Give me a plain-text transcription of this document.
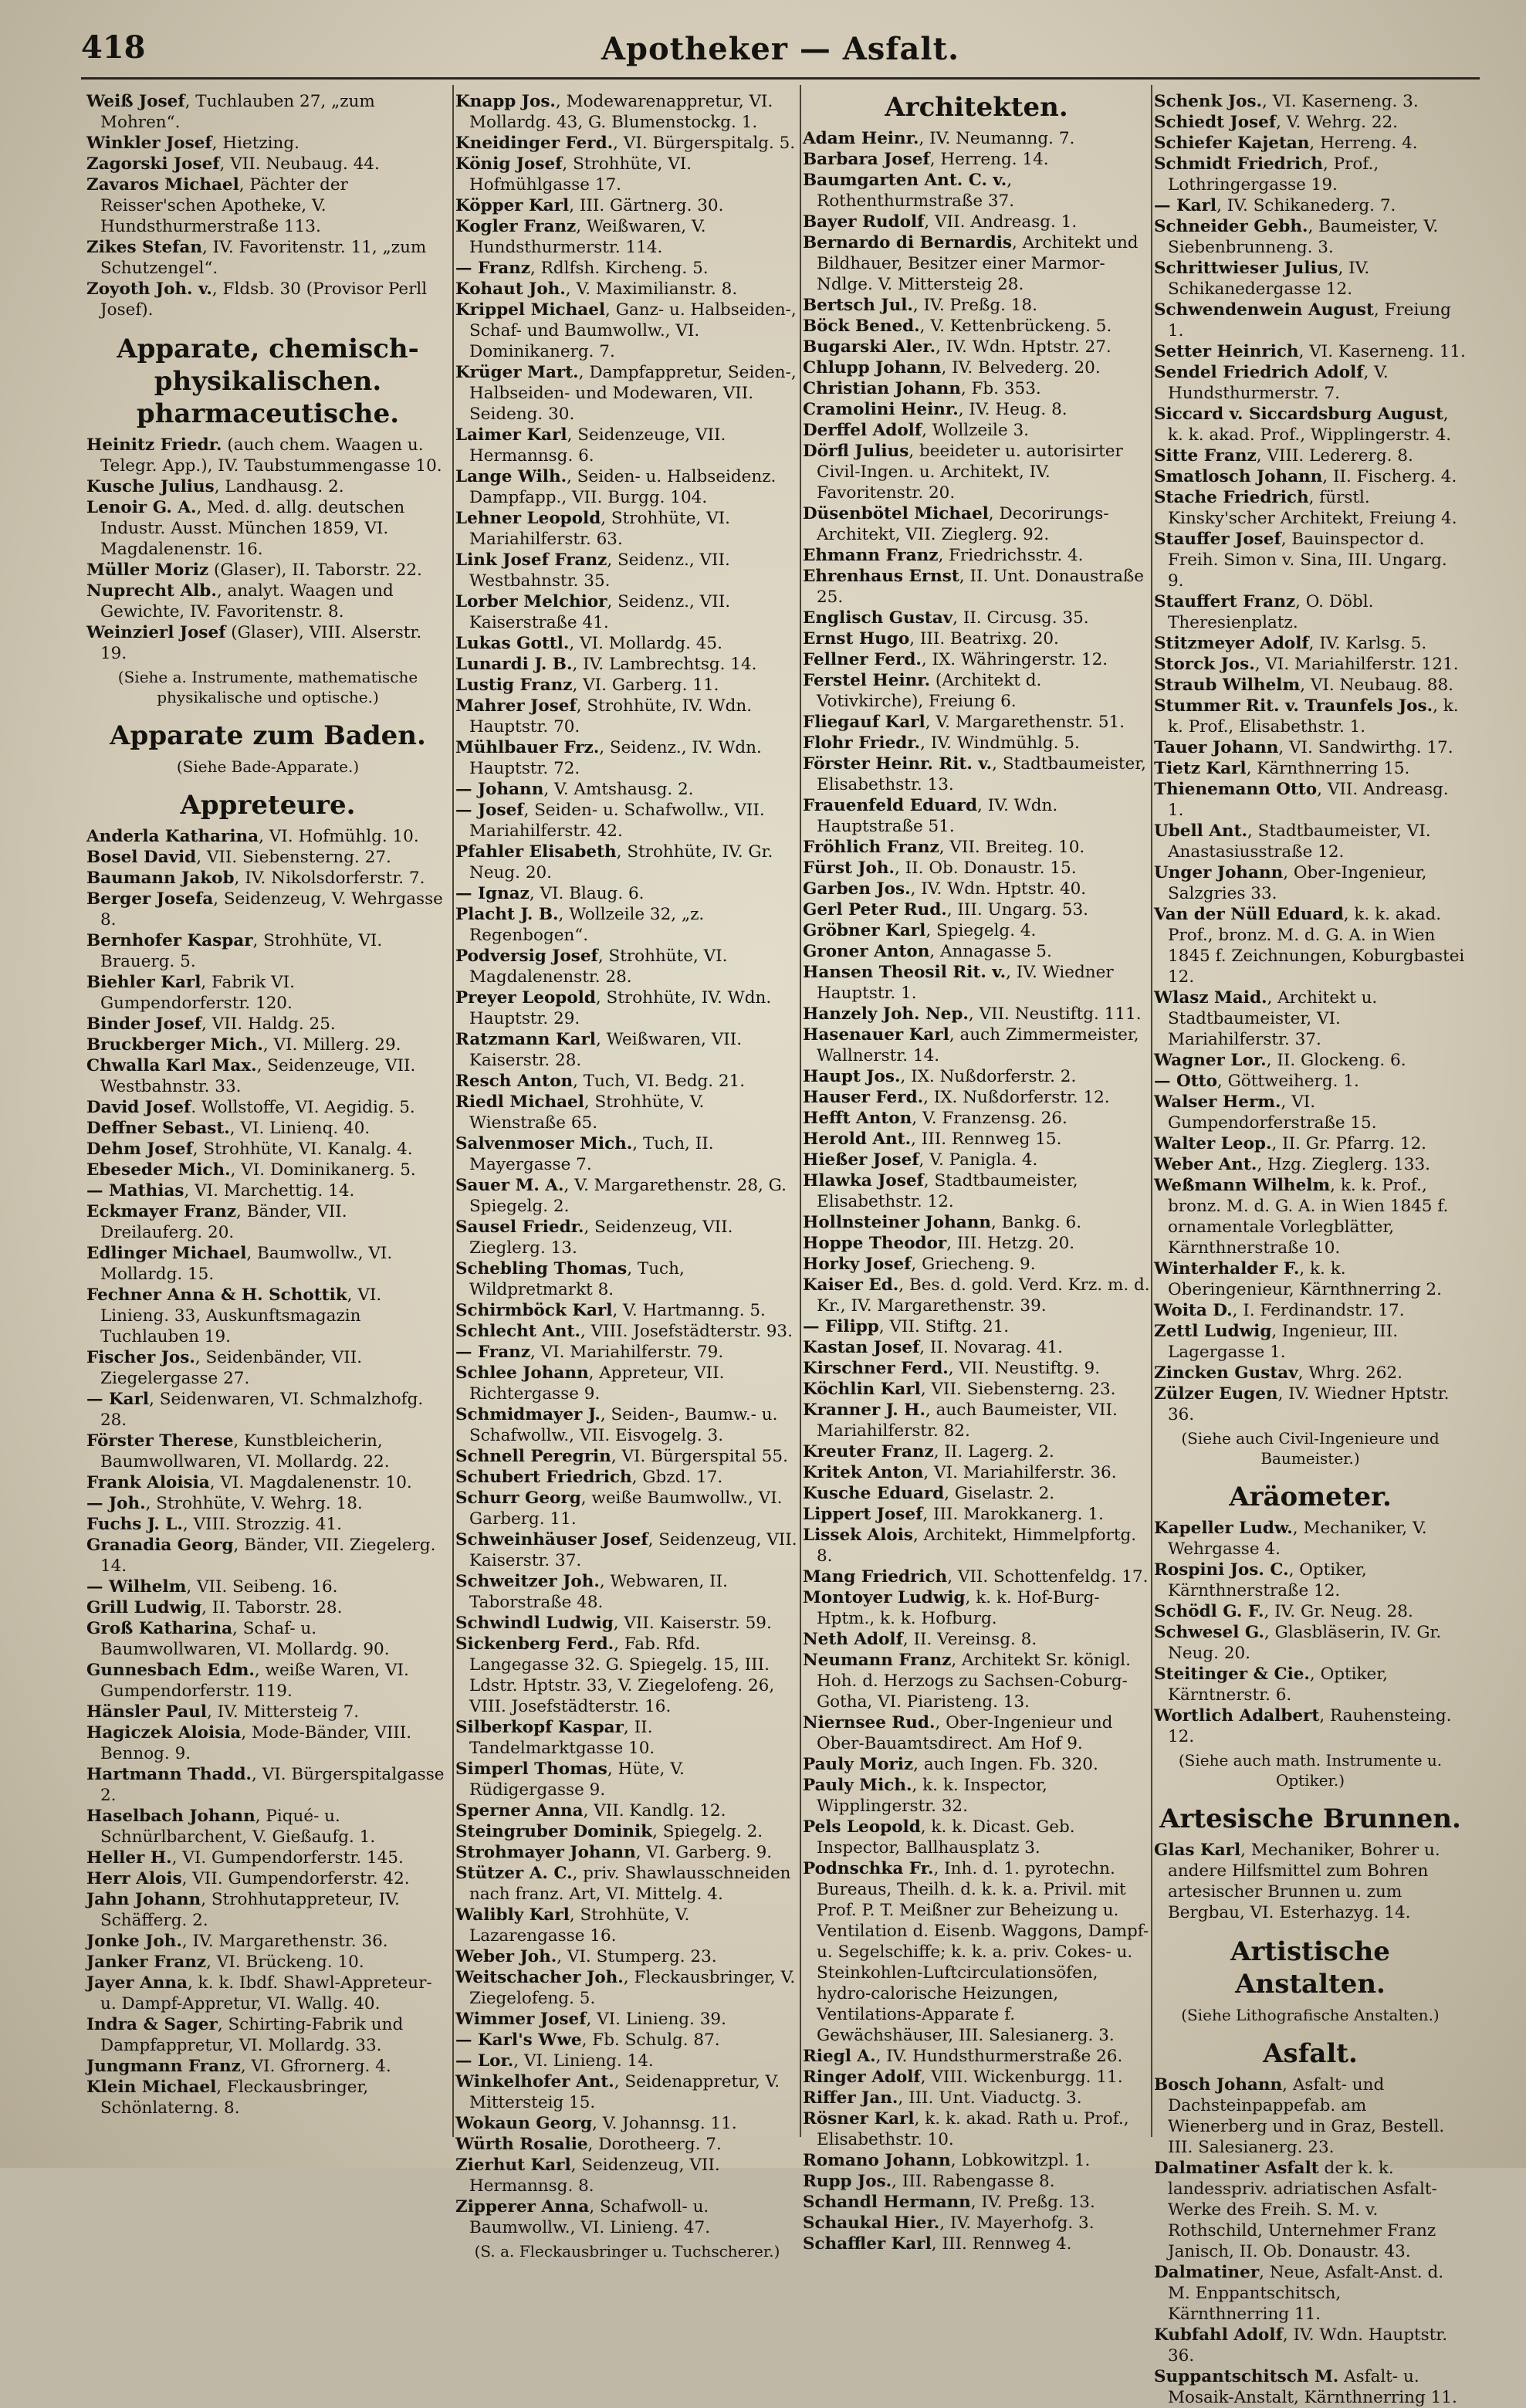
418	Apotheker — Asfalt.

Weiß Josef, Tuchlauben 27, „zum Mohren“.

Winkler Josef, Hietzing.

Zagorski Josef, VII. Neubaug. 44.

Zavaros Michael, Pächter der Reisser'schen Apotheke, V. Hundsthurmerstraße 113.

Zikes Stefan, IV. Favoritenstr. 11, „zum Schutzengel“.

Zoyoth Joh. v., Fldsb. 30 (Provisor Perll Josef).

Apparate, chemisch-physikalischen. pharmaceutische.

Heinitz Friedr. (auch chem. Waagen u. Telegr. App.), IV. Taubstummengasse 10.

Kusche Julius, Landhausg. 2.

Lenoir G. A., Med. d. allg. deutschen Industr. Ausst. München 1859, VI. Magdalenenstr. 16.

Müller Moriz (Glaser), II. Taborstr. 22.

Nuprecht Alb., analyt. Waagen und Gewichte, IV. Favoritenstr. 8.

Weinzierl Josef (Glaser), VIII. Alserstr. 19.

(Siehe a. Instrumente, mathematische physikalische und optische.)
Apparate zum Baden.
(Siehe Bade-Apparate.)
Appreteure.

Anderla Katharina, VI. Hofmühlg. 10.

Bosel David, VII. Siebensterng. 27.

Baumann Jakob, IV. Nikolsdorferstr. 7.

Berger Josefa, Seidenzeug, V. Wehrgasse 8.

Bernhofer Kaspar, Strohhüte, VI. Brauerg. 5.

Biehler Karl, Fabrik VI. Gumpendorferstr. 120.

Binder Josef, VII. Haldg. 25.

Bruckberger Mich., VI. Millerg. 29.

Chwalla Karl Max., Seidenzeuge, VII. Westbahnstr. 33.

David Josef. Wollstoffe, VI. Aegidig. 5.

Deffner Sebast., VI. Linienq. 40.

Dehm Josef, Strohhüte, VI. Kanalg. 4.

Ebeseder Mich., VI. Dominikanerg. 5.

— Mathias, VI. Marchettig. 14.

Eckmayer Franz, Bänder, VII. Dreilauferg. 20.

Edlinger Michael, Baumwollw., VI. Mollardg. 15.

Fechner Anna & H. Schottik, VI. Linieng. 33, Auskunftsmagazin Tuchlauben 19.

Fischer Jos., Seidenbänder, VII. Ziegelergasse 27.

— Karl, Seidenwaren, VI. Schmalzhofg. 28.

Förster Therese, Kunstbleicherin, Baumwollwaren, VI. Mollardg. 22.

Frank Aloisia, VI. Magdalenenstr. 10.

— Joh., Strohhüte, V. Wehrg. 18.

Fuchs J. L., VIII. Strozzig. 41.

Granadia Georg, Bänder, VII. Ziegelerg. 14.

— Wilhelm, VII. Seibeng. 16.

Grill Ludwig, II. Taborstr. 28.

Groß Katharina, Schaf- u. Baumwollwaren, VI. Mollardg. 90.

Gunnesbach Edm., weiße Waren, VI. Gumpendorferstr. 119.

Hänsler Paul, IV. Mittersteig 7.

Hagiczek Aloisia, Mode-Bänder, VIII. Bennog. 9.

Hartmann Thadd., VI. Bürgerspitalgasse 2.

Haselbach Johann, Piqué- u. Schnürlbarchent, V. Gießaufg. 1.

Heller H., VI. Gumpendorferstr. 145.

Herr Alois, VII. Gumpendorferstr. 42.

Jahn Johann, Strohhutappreteur, IV. Schäfferg. 2.

Jonke Joh., IV. Margarethenstr. 36.

Janker Franz, VI. Brückeng. 10.

Jayer Anna, k. k. Ibdf. Shawl-Appreteur- u. Dampf-Appretur, VI. Wallg. 40.

Indra & Sager, Schirting-Fabrik und Dampfappretur, VI. Mollardg. 33.

Jungmann Franz, VI. Gfrornerg. 4.

Klein Michael, Fleckausbringer, Schönlaterng. 8.

Knapp Jos., Modewarenappretur, VI. Mollardg. 43, G. Blumenstockg. 1.

Kneidinger Ferd., VI. Bürgerspitalg. 5.

König Josef, Strohhüte, VI. Hofmühlgasse 17.

Köpper Karl, III. Gärtnerg. 30.

Kogler Franz, Weißwaren, V. Hundsthurmerstr. 114.

— Franz, Rdlfsh. Kircheng. 5.

Kohaut Joh., V. Maximilianstr. 8.

Krippel Michael, Ganz- u. Halbseiden-, Schaf- und Baumwollw., VI. Dominikanerg. 7.

Krüger Mart., Dampfappretur, Seiden-, Halbseiden- und Modewaren, VII. Seideng. 30.

Laimer Karl, Seidenzeuge, VII. Hermannsg. 6.

Lange Wilh., Seiden- u. Halbseidenz. Dampfapp., VII. Burgg. 104.

Lehner Leopold, Strohhüte, VI. Mariahilferstr. 63.

Link Josef Franz, Seidenz., VII. Westbahnstr. 35.

Lorber Melchior, Seidenz., VII. Kaiserstraße 41.

Lukas Gottl., VI. Mollardg. 45.

Lunardi J. B., IV. Lambrechtsg. 14.

Lustig Franz, VI. Garberg. 11.

Mahrer Josef, Strohhüte, IV. Wdn. Hauptstr. 70.

Mühlbauer Frz., Seidenz., IV. Wdn. Hauptstr. 72.

— Johann, V. Amtshausg. 2.

— Josef, Seiden- u. Schafwollw., VII. Mariahilferstr. 42.

Pfahler Elisabeth, Strohhüte, IV. Gr. Neug. 20.

— Ignaz, VI. Blaug. 6.

Placht J. B., Wollzeile 32, „z. Regenbogen“.

Podversig Josef, Strohhüte, VI. Magdalenenstr. 28.

Preyer Leopold, Strohhüte, IV. Wdn. Hauptstr. 29.

Ratzmann Karl, Weißwaren, VII. Kaiserstr. 28.

Resch Anton, Tuch, VI. Bedg. 21.

Riedl Michael, Strohhüte, V. Wienstraße 65.

Salvenmoser Mich., Tuch, II. Mayergasse 7.

Sauer M. A., V. Margarethenstr. 28, G. Spiegelg. 2.

Sausel Friedr., Seidenzeug, VII. Zieglerg. 13.

Schebling Thomas, Tuch, Wildpretmarkt 8.

Schirmböck Karl, V. Hartmanng. 5.

Schlecht Ant., VIII. Josefstädterstr. 93.

— Franz, VI. Mariahilferstr. 79.

Schlee Johann, Appreteur, VII. Richtergasse 9.

Schmidmayer J., Seiden-, Baumw.- u. Schafwollw., VII. Eisvogelg. 3.

Schnell Peregrin, VI. Bürgerspital 55.

Schubert Friedrich, Gbzd. 17.

Schurr Georg, weiße Baumwollw., VI. Garberg. 11.

Schweinhäuser Josef, Seidenzeug, VII. Kaiserstr. 37.

Schweitzer Joh., Webwaren, II. Taborstraße 48.

Schwindl Ludwig, VII. Kaiserstr. 59.

Sickenberg Ferd., Fab. Rfd. Langegasse 32. G. Spiegelg. 15, III. Ldstr. Hptstr. 33, V. Ziegelofeng. 26, VIII. Josefstädterstr. 16.

Silberkopf Kaspar, II. Tandelmarktgasse 10.

Simperl Thomas, Hüte, V. Rüdigergasse 9.

Sperner Anna, VII. Kandlg. 12.

Steingruber Dominik, Spiegelg. 2.

Strohmayer Johann, VI. Garberg. 9.

Stützer A. C., priv. Shawlausschneiden nach franz. Art, VI. Mittelg. 4.

Walibly Karl, Strohhüte, V. Lazarengasse 16.

Weber Joh., VI. Stumperg. 23.

Weitschacher Joh., Fleckausbringer, V. Ziegelofeng. 5.

Wimmer Josef, VI. Linieng. 39.

— Karl's Wwe, Fb. Schulg. 87.

— Lor., VI. Linieng. 14.

Winkelhofer Ant., Seidenappretur, V. Mittersteig 15.

Wokaun Georg, V. Johannsg. 11.

Würth Rosalie, Dorotheerg. 7.

Zierhut Karl, Seidenzeug, VII. Hermannsg. 8.

Zipperer Anna, Schafwoll- u. Baumwollw., VI. Linieng. 47.

(S. a. Fleckausbringer u. Tuchscherer.)
Architekten.

Adam Heinr., IV. Neumanng. 7.

Barbara Josef, Herreng. 14.

Baumgarten Ant. C. v., Rothenthurmstraße 37.

Bayer Rudolf, VII. Andreasg. 1.

Bernardo di Bernardis, Architekt und Bildhauer, Besitzer einer Marmor-Ndlge. V. Mittersteig 28.

Bertsch Jul., IV. Preßg. 18.

Böck Bened., V. Kettenbrückeng. 5.

Bugarski Aler., IV. Wdn. Hptstr. 27.

Chlupp Johann, IV. Belvederg. 20.

Christian Johann, Fb. 353.

Cramolini Heinr., IV. Heug. 8.

Derffel Adolf, Wollzeile 3.

Dörfl Julius, beeideter u. autorisirter Civil-Ingen. u. Architekt, IV. Favoritenstr. 20.

Düsenbötel Michael, Decorirungs-Architekt, VII. Zieglerg. 92.

Ehmann Franz, Friedrichsstr. 4.

Ehrenhaus Ernst, II. Unt. Donaustraße 25.

Englisch Gustav, II. Circusg. 35.

Ernst Hugo, III. Beatrixg. 20.

Fellner Ferd., IX. Währingerstr. 12.

Ferstel Heinr. (Architekt d. Votivkirche), Freiung 6.

Fliegauf Karl, V. Margarethenstr. 51.

Flohr Friedr., IV. Windmühlg. 5.

Förster Heinr. Rit. v., Stadtbaumeister, Elisabethstr. 13.

Frauenfeld Eduard, IV. Wdn. Hauptstraße 51.

Fröhlich Franz, VII. Breiteg. 10.

Fürst Joh., II. Ob. Donaustr. 15.

Garben Jos., IV. Wdn. Hptstr. 40.

Gerl Peter Rud., III. Ungarg. 53.

Gröbner Karl, Spiegelg. 4.

Groner Anton, Annagasse 5.

Hansen Theosil Rit. v., IV. Wiedner Hauptstr. 1.

Hanzely Joh. Nep., VII. Neustiftg. 111.

Hasenauer Karl, auch Zimmermeister, Wallnerstr. 14.

Haupt Jos., IX. Nußdorferstr. 2.

Hauser Ferd., IX. Nußdorferstr. 12.

Hefft Anton, V. Franzensg. 26.

Herold Ant., III. Rennweg 15.

Hießer Josef, V. Panigla. 4.

Hlawka Josef, Stadtbaumeister, Elisabethstr. 12.

Hollnsteiner Johann, Bankg. 6.

Hoppe Theodor, III. Hetzg. 20.

Horky Josef, Griecheng. 9.

Kaiser Ed., Bes. d. gold. Verd. Krz. m. d. Kr., IV. Margarethenstr. 39.

— Filipp, VII. Stiftg. 21.

Kastan Josef, II. Novarag. 41.

Kirschner Ferd., VII. Neustiftg. 9.

Köchlin Karl, VII. Siebensterng. 23.

Kranner J. H., auch Baumeister, VII. Mariahilferstr. 82.

Kreuter Franz, II. Lagerg. 2.

Kritek Anton, VI. Mariahilferstr. 36.

Kusche Eduard, Giselastr. 2.

Lippert Josef, III. Marokkanerg. 1.

Lissek Alois, Architekt, Himmelpfortg. 8.

Mang Friedrich, VII. Schottenfeldg. 17.

Montoyer Ludwig, k. k. Hof-Burg-Hptm., k. k. Hofburg.

Neth Adolf, II. Vereinsg. 8.

Neumann Franz, Architekt Sr. königl. Hoh. d. Herzogs zu Sachsen-Coburg-Gotha, VI. Piaristeng. 13.

Niernsee Rud., Ober-Ingenieur und Ober-Bauamtsdirect. Am Hof 9.

Pauly Moriz, auch Ingen. Fb. 320.

Pauly Mich., k. k. Inspector, Wipplingerstr. 32.

Pels Leopold, k. k. Dicast. Geb. Inspector, Ballhausplatz 3.

Podnschka Fr., Inh. d. 1. pyrotechn. Bureaus, Theilh. d. k. k. a. Privil. mit Prof. P. T. Meißner zur Beheizung u. Ventilation d. Eisenb. Waggons, Dampf- u. Segelschiffe; k. k. a. priv. Cokes- u. Steinkohlen-Luftcirculationsöfen, hydro-calorische Heizungen, Ventilations-Apparate f. Gewächshäuser, III. Salesianerg. 3.

Riegl A., IV. Hundsthurmerstraße 26.

Ringer Adolf, VIII. Wickenburgg. 11.

Riffer Jan., III. Unt. Viaductg. 3.

Rösner Karl, k. k. akad. Rath u. Prof., Elisabethstr. 10.

Romano Johann, Lobkowitzpl. 1.

Rupp Jos., III. Rabengasse 8.

Schandl Hermann, IV. Preßg. 13.

Schaukal Hier., IV. Mayerhofg. 3.

Schaffler Karl, III. Rennweg 4.

Schenk Jos., VI. Kaserneng. 3.

Schiedt Josef, V. Wehrg. 22.

Schiefer Kajetan, Herreng. 4.

Schmidt Friedrich, Prof., Lothringergasse 19.

— Karl, IV. Schikanederg. 7.

Schneider Gebh., Baumeister, V. Siebenbrunneng. 3.

Schrittwieser Julius, IV. Schikanedergasse 12.

Schwendenwein August, Freiung 1.

Setter Heinrich, VI. Kaserneng. 11.

Sendel Friedrich Adolf, V. Hundsthurmerstr. 7.

Siccard v. Siccardsburg August, k. k. akad. Prof., Wipplingerstr. 4.

Sitte Franz, VIII. Ledererg. 8.

Smatlosch Johann, II. Fischerg. 4.

Stache Friedrich, fürstl. Kinsky'scher Architekt, Freiung 4.

Stauffer Josef, Bauinspector d. Freih. Simon v. Sina, III. Ungarg. 9.

Stauffert Franz, O. Döbl. Theresienplatz.

Stitzmeyer Adolf, IV. Karlsg. 5.

Storck Jos., VI. Mariahilferstr. 121.

Straub Wilhelm, VI. Neubaug. 88.

Stummer Rit. v. Traunfels Jos., k. k. Prof., Elisabethstr. 1.

Tauer Johann, VI. Sandwirthg. 17.

Tietz Karl, Kärnthnerring 15.

Thienemann Otto, VII. Andreasg. 1.

Ubell Ant., Stadtbaumeister, VI. Anastasiusstraße 12.

Unger Johann, Ober-Ingenieur, Salzgries 33.

Van der Nüll Eduard, k. k. akad. Prof., bronz. M. d. G. A. in Wien 1845 f. Zeichnungen, Koburgbastei 12.

Wlasz Maid., Architekt u. Stadtbaumeister, VI. Mariahilferstr. 37.

Wagner Lor., II. Glockeng. 6.

— Otto, Göttweiherg. 1.

Walser Herm., VI. Gumpendorferstraße 15.

Walter Leop., II. Gr. Pfarrg. 12.

Weber Ant., Hzg. Zieglerg. 133.

Weßmann Wilhelm, k. k. Prof., bronz. M. d. G. A. in Wien 1845 f. ornamentale Vorlegblätter, Kärnthnerstraße 10.

Winterhalder F., k. k. Oberingenieur, Kärnthnerring 2.

Woita D., I. Ferdinandstr. 17.

Zettl Ludwig, Ingenieur, III. Lagergasse 1.

Zincken Gustav, Whrg. 262.

Zülzer Eugen, IV. Wiedner Hptstr. 36.

(Siehe auch Civil-Ingenieure und Baumeister.)
Aräometer.

Kapeller Ludw., Mechaniker, V. Wehrgasse 4.

Rospini Jos. C., Optiker, Kärnthnerstraße 12.

Schödl G. F., IV. Gr. Neug. 28.

Schwesel G., Glasbläserin, IV. Gr. Neug. 20.

Steitinger & Cie., Optiker, Kärntnerstr. 6.

Wortlich Adalbert, Rauhensteing. 12.

(Siehe auch math. Instrumente u. Optiker.)
Artesische Brunnen.

Glas Karl, Mechaniker, Bohrer u. andere Hilfsmittel zum Bohren artesischer Brunnen u. zum Bergbau, VI. Esterhazyg. 14.

Artistische Anstalten.
(Siehe Lithografische Anstalten.)
Asfalt.

Bosch Johann, Asfalt- und Dachsteinpappefab. am Wienerberg und in Graz, Bestell. III. Salesianerg. 23.

Dalmatiner Asfalt der k. k. landesspriv. adriatischen Asfalt-Werke des Freih. S. M. v. Rothschild, Unternehmer Franz Janisch, II. Ob. Donaustr. 43.

Dalmatiner, Neue, Asfalt-Anst. d. M. Enppantschitsch, Kärnthnerring 11.

Kubfahl Adolf, IV. Wdn. Hauptstr. 36.

Suppantschitsch M. Asfalt- u. Mosaik-Anstalt, Kärnthnerring 11.
